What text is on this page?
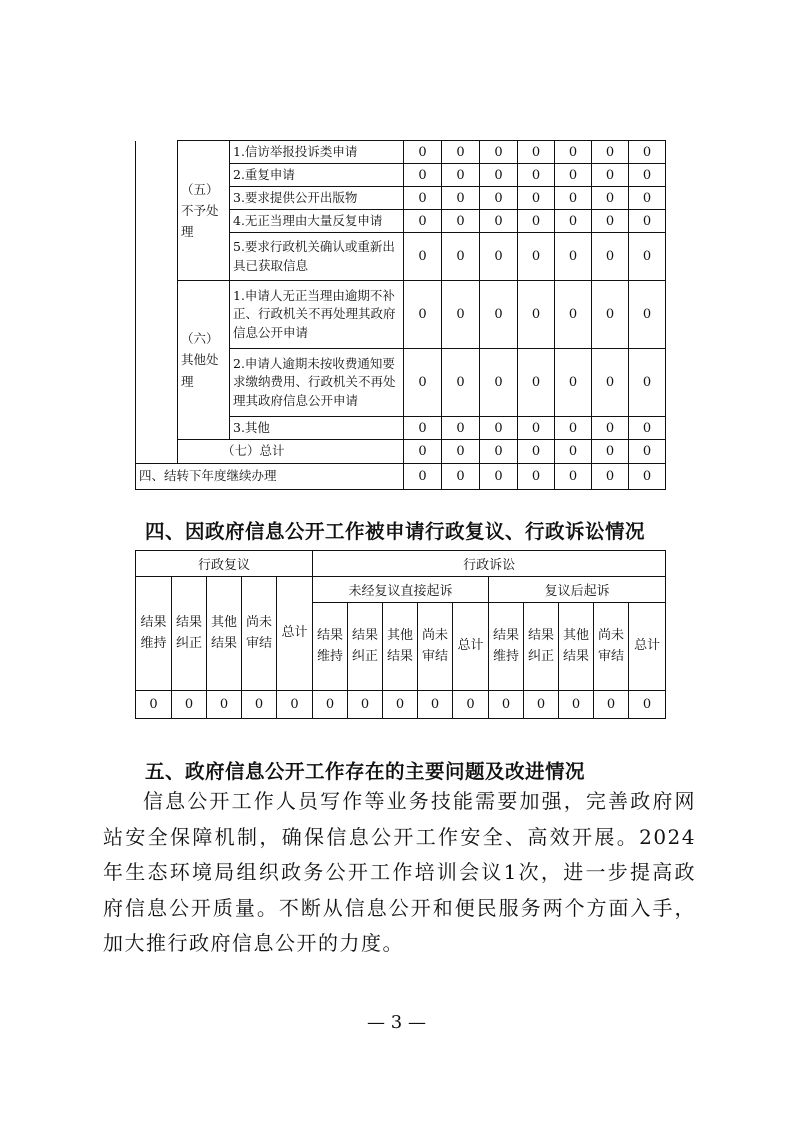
	（五）不予处理	1.信访举报投诉类申请	0	0	0	0	0	0	0
		2.重复申请	0	0	0	0	0	0	0
		3.要求提供公开出版物	0	0	0	0	0	0	0
		4.无正当理由大量反复申请	0	0	0	0	0	0	0
		5.要求行政机关确认或重新出具已获取信息	0	0	0	0	0	0	0
	（六）其他处理	1.申请人无正当理由逾期不补正、行政机关不再处理其政府信息公开申请	0	0	0	0	0	0	0
		2.申请人逾期未按收费通知要求缴纳费用、行政机关不再处理其政府信息公开申请	0	0	0	0	0	0	0
		3.其他	0	0	0	0	0	0	0
	（七）总计		0	0	0	0	0	0	0
四、结转下年度继续办理			0	0	0	0	0	0	0
四、因政府信息公开工作被申请行政复议、行政诉讼情况
行政复议					行政诉讼									
结果维持	结果纠正	其他结果	尚未审结	总计	未经复议直接起诉					复议后起诉				
					结果维持	结果纠正	其他结果	尚未审结	总计	结果维持	结果纠正	其他结果	尚未审结	总计
0	0	0	0	0	0	0	0	0	0	0	0	0	0	0
五、政府信息公开工作存在的主要问题及改进情况
信息公开工作人员写作等业务技能需要加强，完善政府网站安全保障机制，确保信息公开工作安全、高效开展。2024年生态环境局组织政务公开工作培训会议1次，进一步提高政府信息公开质量。不断从信息公开和便民服务两个方面入手，加大推行政府信息公开的力度。
— 3 —
